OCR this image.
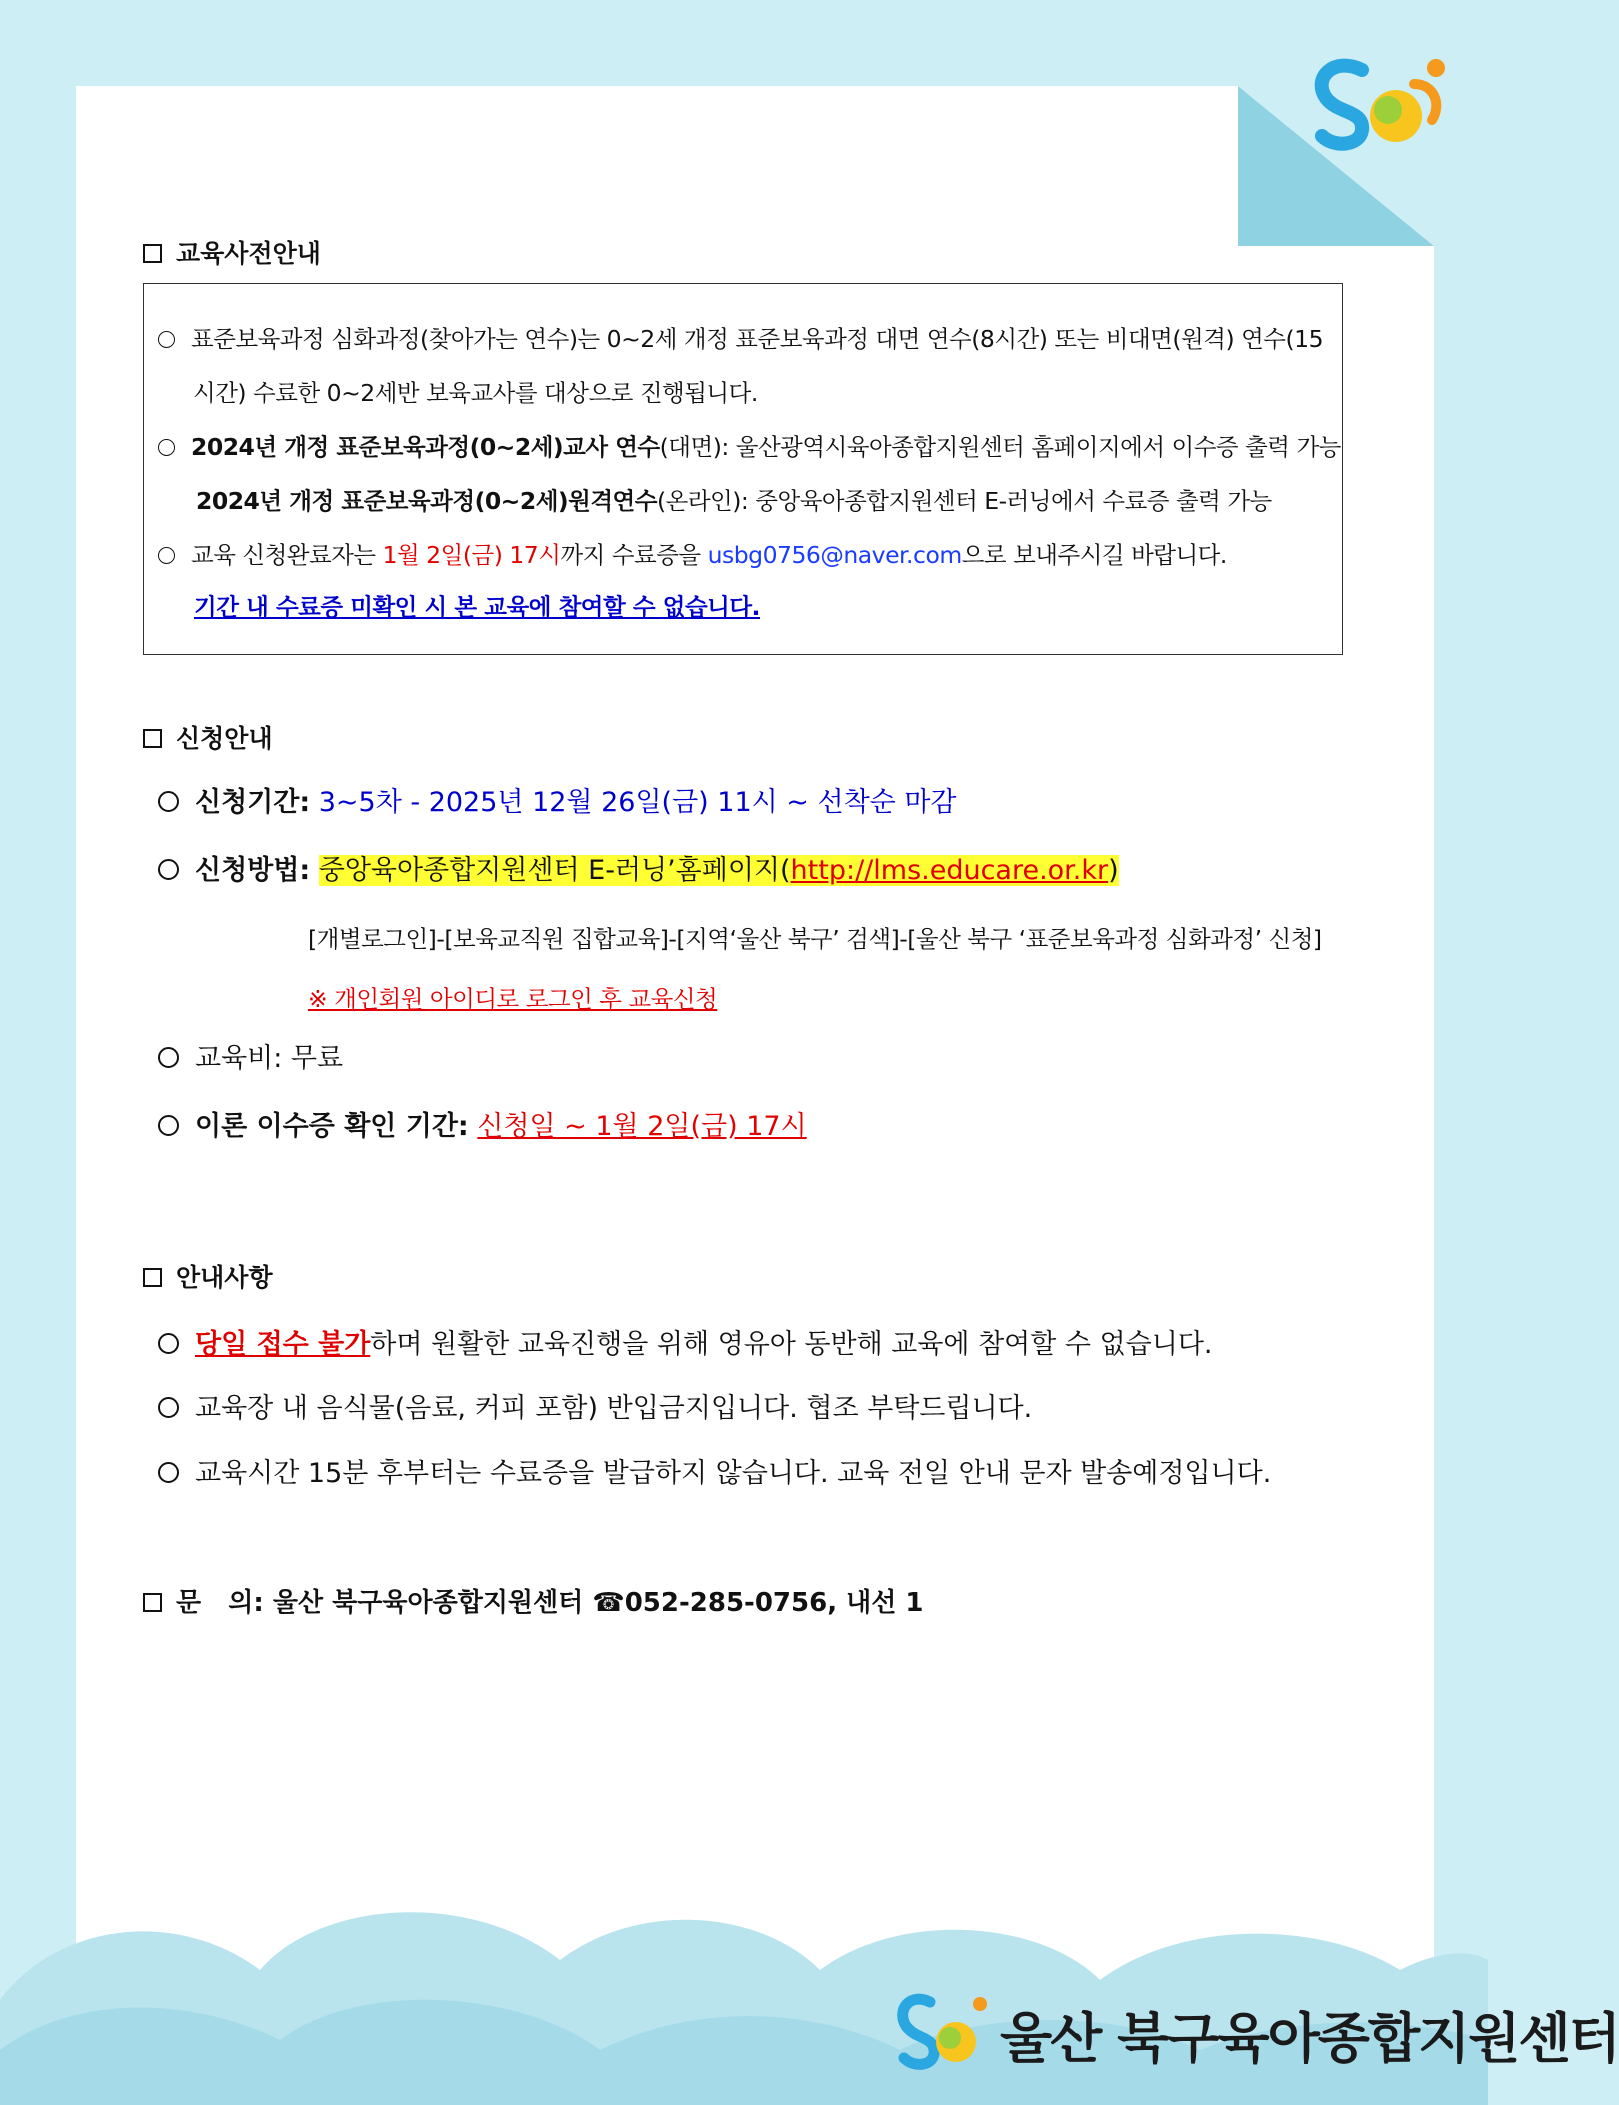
울산 북구육아종합지원센터
교육사전안내
표준보육과정 심화과정(찾아가는 연수)는 0~2세 개정 표준보육과정 대면 연수(8시간) 또는 비대면(원격) 연수(15
시간) 수료한 0~2세반 보육교사를 대상으로 진행됩니다.
2024년 개정 표준보육과정(0~2세)교사 연수(대면): 울산광역시육아종합지원센터 홈페이지에서 이수증 출력 가능
2024년 개정 표준보육과정(0~2세)원격연수(온라인): 중앙육아종합지원센터 E-러닝에서 수료증 출력 가능
교육 신청완료자는 1월 2일(금) 17시까지 수료증을 usbg0756@naver.com으로 보내주시길 바랍니다.
기간 내 수료증 미확인 시 본 교육에 참여할 수 없습니다.
신청안내
신청기간: 3~5차 - 2025년 12월 26일(금) 11시 ~ 선착순 마감
신청방법: 중앙육아종합지원센터 E-러닝’홈페이지(http://lms.educare.or.kr)
[개별로그인]-[보육교직원 집합교육]-[지역‘울산 북구’ 검색]-[울산 북구 ‘표준보육과정 심화과정’ 신청]
※ 개인회원 아이디로 로그인 후 교육신청
교육비: 무료
이론 이수증 확인 기간: 신청일 ~ 1월 2일(금) 17시
안내사항
당일 접수 불가하며 원활한 교육진행을 위해 영유아 동반해 교육에 참여할 수 없습니다.
교육장 내 음식물(음료, 커피 포함) 반입금지입니다. 협조 부탁드립니다.
교육시간 15분 후부터는 수료증을 발급하지 않습니다. 교육 전일 안내 문자 발송예정입니다.
문   의: 울산 북구육아종합지원센터 ☎052-285-0756, 내선 1
